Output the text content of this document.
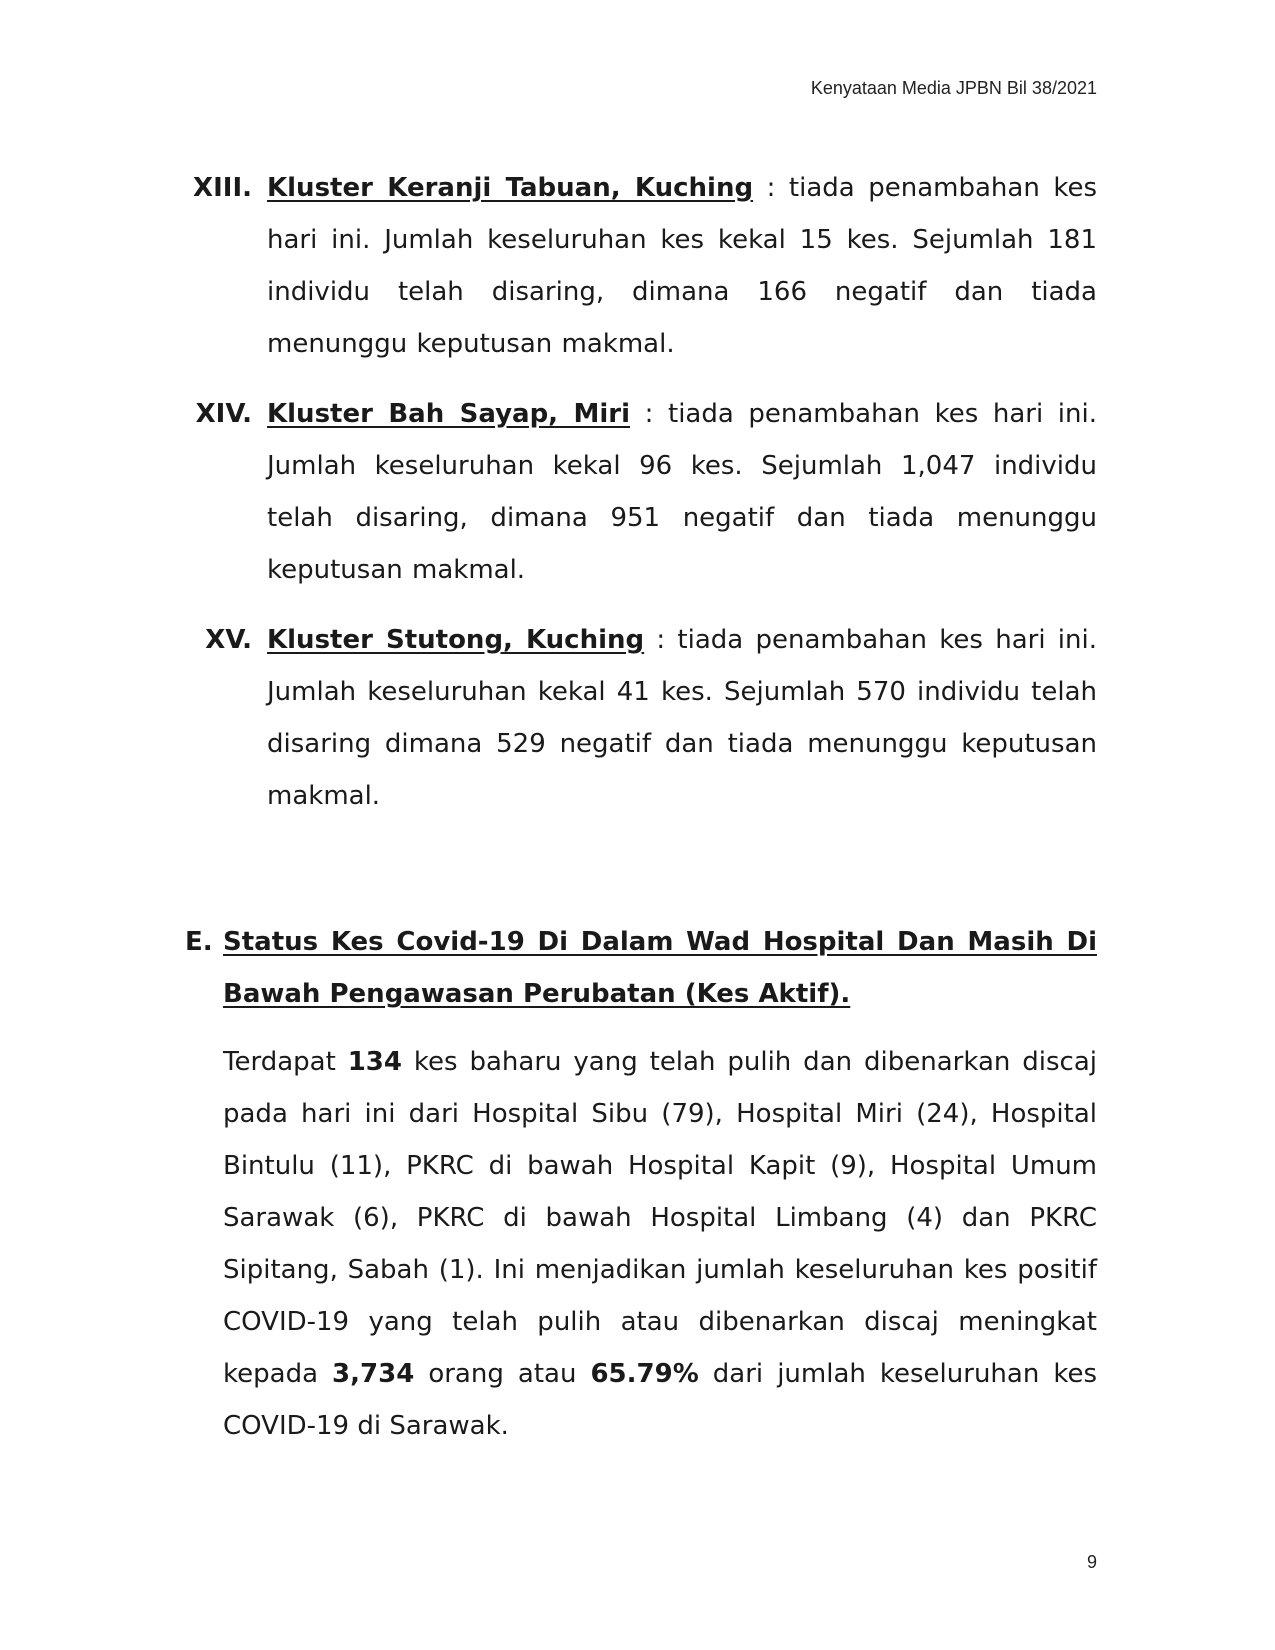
Kenyataan Media JPBN Bil 38/2021
XIII. Kluster Keranji Tabuan, Kuching : tiada penambahan kes hari ini. Jumlah keseluruhan kes kekal 15 kes. Sejumlah 181 individu telah disaring, dimana 166 negatif dan tiada menunggu keputusan makmal.
XIV. Kluster Bah Sayap, Miri : tiada penambahan kes hari ini. Jumlah keseluruhan kekal 96 kes. Sejumlah 1,047 individu telah disaring, dimana 951 negatif dan tiada menunggu keputusan makmal.
XV. Kluster Stutong, Kuching : tiada penambahan kes hari ini. Jumlah keseluruhan kekal 41 kes. Sejumlah 570 individu telah disaring dimana 529 negatif dan tiada menunggu keputusan makmal.
E. Status Kes Covid-19 Di Dalam Wad Hospital Dan Masih Di Bawah Pengawasan Perubatan (Kes Aktif).
Terdapat 134 kes baharu yang telah pulih dan dibenarkan discaj pada hari ini dari Hospital Sibu (79), Hospital Miri (24), Hospital Bintulu (11), PKRC di bawah Hospital Kapit (9), Hospital Umum Sarawak (6), PKRC di bawah Hospital Limbang (4) dan PKRC Sipitang, Sabah (1). Ini menjadikan jumlah keseluruhan kes positif COVID-19 yang telah pulih atau dibenarkan discaj meningkat kepada 3,734 orang atau 65.79% dari jumlah keseluruhan kes COVID-19 di Sarawak.
9
